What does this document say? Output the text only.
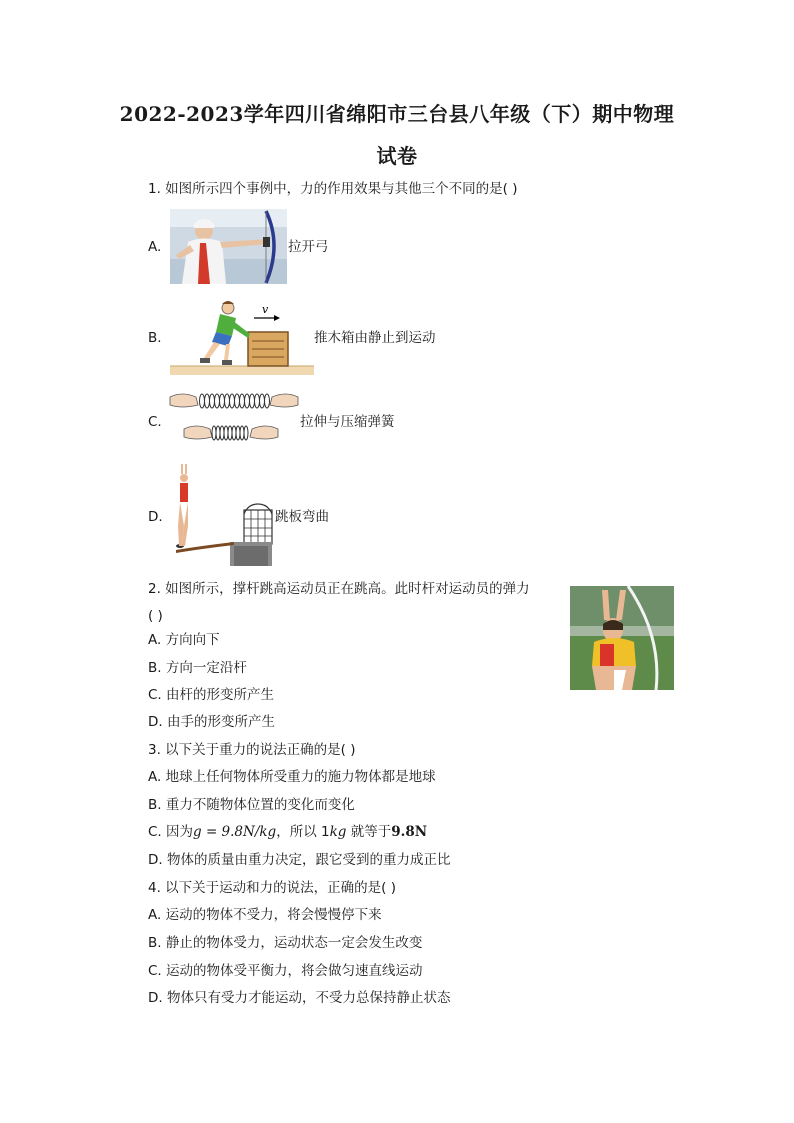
2022-2023学年四川省绵阳市三台县八年级（下）期中物理
试卷
1. 如图所示四个事例中，力的作用效果与其他三个不同的是( )
A.	拉开弓
B.
v
推木箱由静止到运动
C.	拉伸与压缩弹簧
D.	跳板弯曲
2. 如图所示，撑杆跳高运动员正在跳高。此时杆对运动员的弹力
( )
A. 方向向下
B. 方向一定沿杆
C. 由杆的形变所产生
D. 由手的形变所产生
3. 以下关于重力的说法正确的是( )
A. 地球上任何物体所受重力的施力物体都是地球
B. 重力不随物体位置的变化而变化
C. 因为g = 9.8N/kg，所以 1kg 就等于9.8N
D. 物体的质量由重力决定，跟它受到的重力成正比
4. 以下关于运动和力的说法，正确的是( )
A. 运动的物体不受力，将会慢慢停下来
B. 静止的物体受力，运动状态一定会发生改变
C. 运动的物体受平衡力，将会做匀速直线运动
D. 物体只有受力才能运动，不受力总保持静止状态
